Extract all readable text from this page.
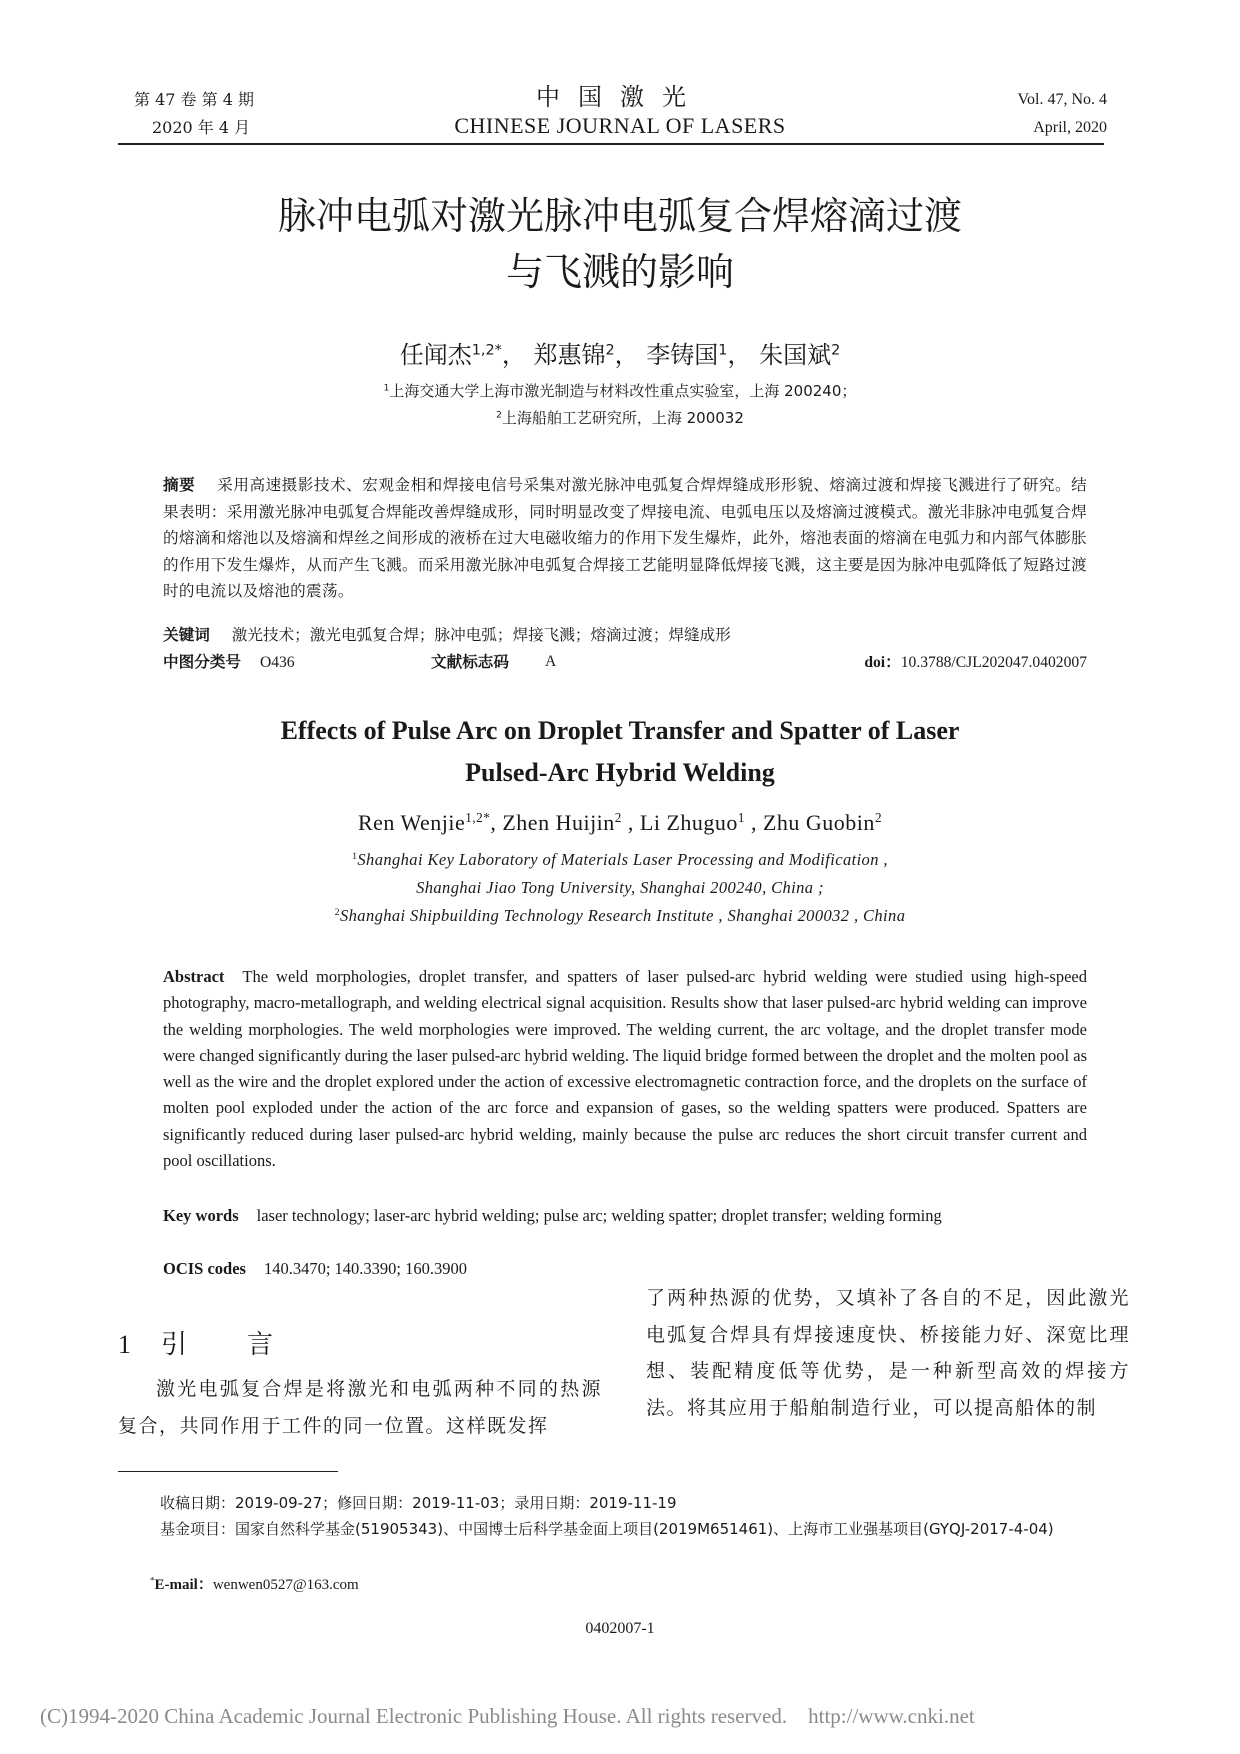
第 47 卷 第 4 期
2020 年 4 月
中国激光
CHINESE JOURNAL OF LASERS
Vol. 47, No. 4
April, 2020
脉冲电弧对激光脉冲电弧复合焊熔滴过渡
与飞溅的影响
任闻杰$^{1,2*}$， 郑惠锦$^2$， 李铸国$^1$， 朱国斌$^2$
$^1$上海交通大学上海市激光制造与材料改性重点实验室，上海 200240；
$^2$上海船舶工艺研究所，上海 200032
摘要 采用高速摄影技术、宏观金相和焊接电信号采集对激光脉冲电弧复合焊焊缝成形形貌、熔滴过渡和焊接飞溅进行了研究。结果表明：采用激光脉冲电弧复合焊能改善焊缝成形，同时明显改变了焊接电流、电弧电压以及熔滴过渡模式。激光非脉冲电弧复合焊的熔滴和熔池以及熔滴和焊丝之间形成的液桥在过大电磁收缩力的作用下发生爆炸，此外，熔池表面的熔滴在电弧力和内部气体膨胀的作用下发生爆炸，从而产生飞溅。而采用激光脉冲电弧复合焊接工艺能明显降低焊接飞溅，这主要是因为脉冲电弧降低了短路过渡时的电流以及熔池的震荡。
关键词 激光技术；激光电弧复合焊；脉冲电弧；焊接飞溅；熔滴过渡；焊缝成形
中图分类号 O436	文献标志码 A	doi：10.3788/CJL202047.0402007
Effects of Pulse Arc on Droplet Transfer and Spatter of Laser
Pulsed-Arc Hybrid Welding
Ren Wenjie$^{1,2*}$, Zhen Huijin$^2$ , Li Zhuguo$^1$ , Zhu Guobin$^2$
$^1$Shanghai Key Laboratory of Materials Laser Processing and Modification ,
Shanghai Jiao Tong University, Shanghai 200240, China ;
$^2$Shanghai Shipbuilding Technology Research Institute , Shanghai 200032 , China
Abstract The weld morphologies, droplet transfer, and spatters of laser pulsed-arc hybrid welding were studied using high-speed photography, macro-metallograph, and welding electrical signal acquisition. Results show that laser pulsed-arc hybrid welding can improve the welding morphologies. The weld morphologies were improved. The welding current, the arc voltage, and the droplet transfer mode were changed significantly during the laser pulsed-arc hybrid welding. The liquid bridge formed between the droplet and the molten pool as well as the wire and the droplet explored under the action of excessive electromagnetic contraction force, and the droplets on the surface of molten pool exploded under the action of the arc force and expansion of gases, so the welding spatters were produced. Spatters are significantly reduced during laser pulsed-arc hybrid welding, mainly because the pulse arc reduces the short circuit transfer current and pool oscillations.
Key words laser technology; laser-arc hybrid welding; pulse arc; welding spatter; droplet transfer; welding forming
OCIS codes 140.3470; 140.3390; 160.3900
1 引言
激光电弧复合焊是将激光和电弧两种不同的热源复合，共同作用于工件的同一位置。这样既发挥
了两种热源的优势，又填补了各自的不足，因此激光电弧复合焊具有焊接速度快、桥接能力好、深宽比理想、装配精度低等优势，是一种新型高效的焊接方法。将其应用于船舶制造行业，可以提高船体的制
收稿日期：2019-09-27；修回日期：2019-11-03；录用日期：2019-11-19
基金项目：国家自然科学基金(51905343)、中国博士后科学基金面上项目(2019M651461)、上海市工业强基项目(GYQJ-2017-4-04)
*E-mail：wenwen0527@163.com
0402007-1
(C)1994-2020 China Academic Journal Electronic Publishing House. All rights reserved.    http://www.cnki.net
